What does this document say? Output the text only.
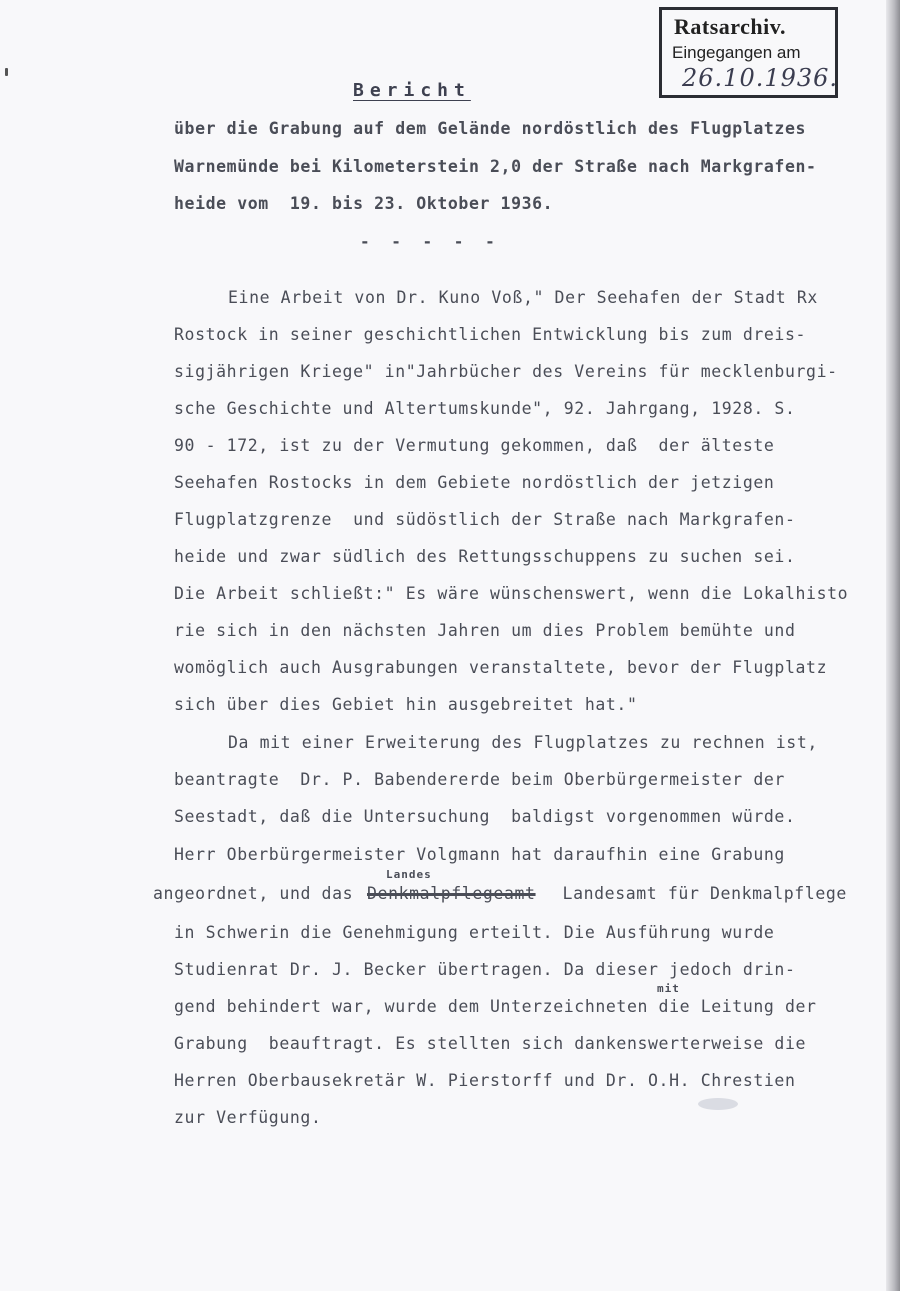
Ratsarchiv.
Eingegangen am
26.10.1936.
Bericht
über die Grabung auf dem Gelände nordöstlich des Flugplatzes
Warnemünde bei Kilometerstein 2,0 der Straße nach Markgrafen-
heide vom  19. bis 23. Oktober 1936.
- - - - -
Eine Arbeit von Dr. Kuno Voß," Der Seehafen der Stadt Rx
Rostock in seiner geschichtlichen Entwicklung bis zum dreis-
sigjährigen Kriege" in"Jahrbücher des Vereins für mecklenburgi-
sche Geschichte und Altertumskunde", 92. Jahrgang, 1928. S.
90 - 172, ist zu der Vermutung gekommen, daß  der älteste
Seehafen Rostocks in dem Gebiete nordöstlich der jetzigen
Flugplatzgrenze  und südöstlich der Straße nach Markgrafen-
heide und zwar südlich des Rettungsschuppens zu suchen sei.
Die Arbeit schließt:" Es wäre wünschenswert, wenn die Lokalhisto
rie sich in den nächsten Jahren um dies Problem bemühte und
womöglich auch Ausgrabungen veranstaltete, bevor der Flugplatz
sich über dies Gebiet hin ausgebreitet hat."
Da mit einer Erweiterung des Flugplatzes zu rechnen ist,
beantragte  Dr. P. Babendererde beim Oberbürgermeister der
Seestadt, daß die Untersuchung  baldigst vorgenommen würde.
Herr Oberbürgermeister Volgmann hat daraufhin eine Grabung
Landes
angeordnet, und das Denkmalpflegeamt Landesamt für Denkmalpflege
in Schwerin die Genehmigung erteilt. Die Ausführung wurde
Studienrat Dr. J. Becker übertragen. Da dieser jedoch drin-
mit
gend behindert war, wurde dem Unterzeichneten die Leitung der
Grabung  beauftragt. Es stellten sich dankenswerterweise die
Herren Oberbausekretär W. Pierstorff und Dr. O.H. Chrestien
zur Verfügung.
